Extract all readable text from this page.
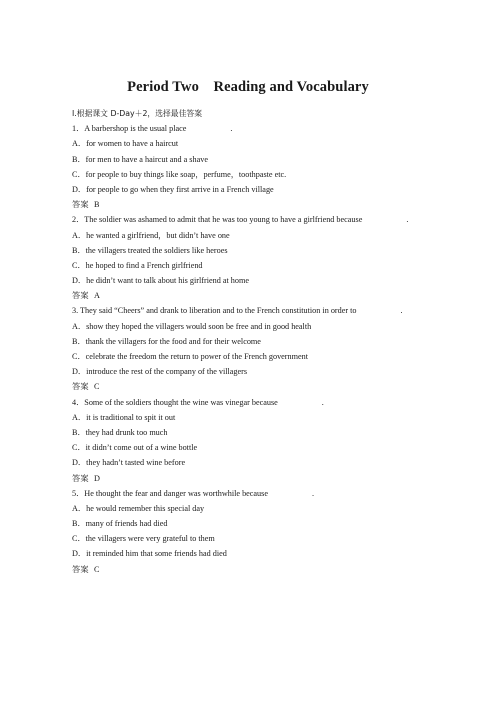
Period Two　Reading and Vocabulary
Ⅰ.根据课文 D-Day＋2，选择最佳答案
1．A barbershop is the usual place	.
A．for women to have a haircut
B．for men to have a haircut and a shave
C．for people to buy things like soap，perfume，toothpaste etc.
D．for people to go when they first arrive in a French village
答案 B
2．The soldier was ashamed to admit that he was too young to have a girlfriend because	.
A．he wanted a girlfriend，but didn’t have one
B．the villagers treated the soldiers like heroes
C．he hoped to find a French girlfriend
D．he didn’t want to talk about his girlfriend at home
答案 A
3. They said “Cheers” and drank to liberation and to the French constitution in order to	.
A．show they hoped the villagers would soon be free and in good health
B．thank the villagers for the food and for their welcome
C．celebrate the freedom the return to power of the French government
D．introduce the rest of the company of the villagers
答案 C
4．Some of the soldiers thought the wine was vinegar because	.
A．it is traditional to spit it out
B．they had drunk too much
C．it didn’t come out of a wine bottle
D．they hadn’t tasted wine before
答案 D
5．He thought the fear and danger was worthwhile because	.
A．he would remember this special day
B．many of friends had died
C．the villagers were very grateful to them
D．it reminded him that some friends had died
答案 C
